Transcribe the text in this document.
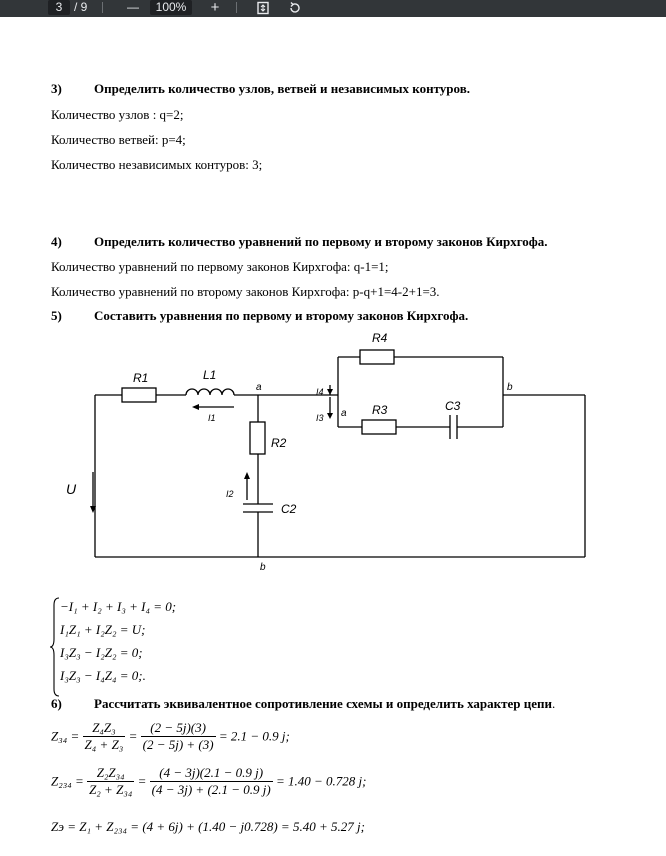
3 / 9	—	100%	+
3) Определить количество узлов, ветвей и независимых контуров.
Количество узлов : q=2;
Количество ветвей: p=4;
Количество независимых контуров: 3;
4) Определить количество уравнений по первому и второму законов Кирхгофа.
Количество уравнений по первому законов Кирхгофа: q-1=1;
Количество уравнений по второму законов Кирхгофа: p-q+1=4-2+1=3.
5) Составить уравнения по первому и второму законов Кирхгофа.
R1	L1
a
I1
R2
I2
C2
b
U
I4
I3 a
R4
R3	C3
b
−I₁ + I₂ + I₃ + I₄ = 0;
I₁Z₁ + I₂Z₂ = U;
I₃Z₃ − I₂Z₂ = 0;
I₃Z₃ − I₄Z₄ = 0;.
6) Рассчитать эквивалентное сопротивление схемы и определить характер цепи.
$Z_{34} = \frac{\text{Z₄Z₃}}{\text{Z₄ + Z₃}} = \frac{(2 - 5j)(3)}{(2 - 5j) + (3)} = 2.1 - 0.9$ j;
$Z_{234} = \frac{\text{Z₂Z₃₄}}{\text{Z₂ + Z₃₄}} = \frac{(4 - 3j)(2.1 - 0.9 j)}{(4 - 3j) + (2.1 - 0.9 j)} = 1.40 - 0.728$ j;
Zэ = Z₁ + Z₂₃₄ = (4 + 6j) + (1.40 − j0.728) = 5.40 + 5.27 j;
